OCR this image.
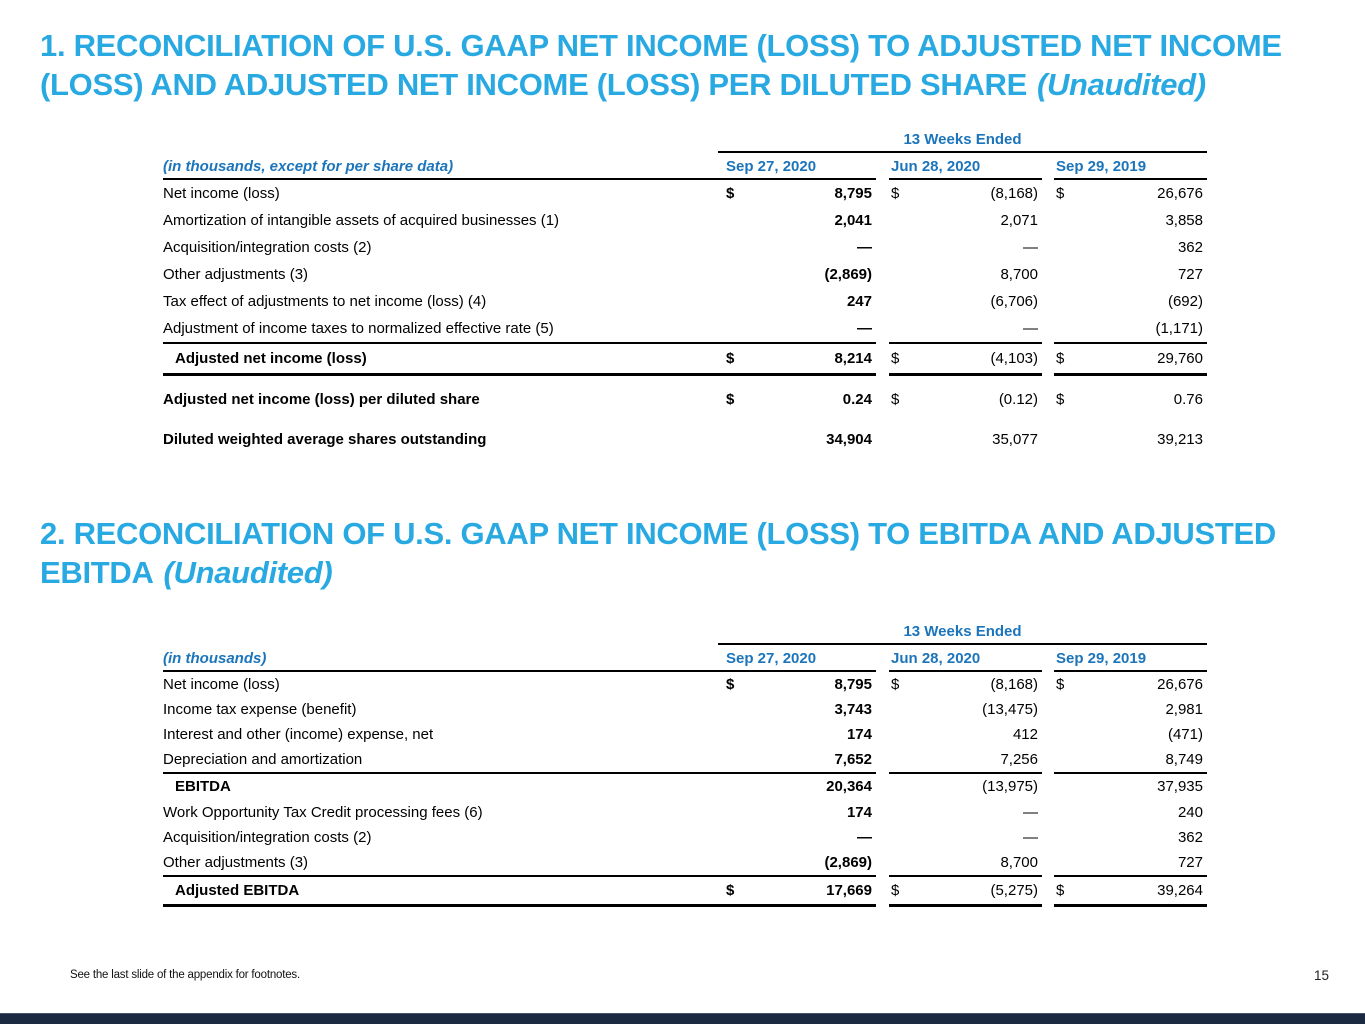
1. RECONCILIATION OF U.S. GAAP NET INCOME (LOSS) TO ADJUSTED NET INCOME (LOSS) AND ADJUSTED NET INCOME (LOSS) PER DILUTED SHARE (Unaudited)
13 Weeks Ended
(in thousands, except for per share data)	Sep 27, 2020	Jun 28, 2020	Sep 29, 2019
Net income (loss)	$	8,795 $	(8,168) $	26,676
Amortization of intangible assets of acquired businesses (1)	2,041	2,071	3,858
Acquisition/integration costs (2)	—	—	362
Other adjustments (3)	(2,869)	8,700	727
Tax effect of adjustments to net income (loss) (4)	247	(6,706)	(692)
Adjustment of income taxes to normalized effective rate (5)	—	—	(1,171)
Adjusted net income (loss)	$	8,214 $	(4,103) $	29,760
Adjusted net income (loss) per diluted share	$	0.24 $	(0.12) $	0.76
Diluted weighted average shares outstanding	34,904	35,077	39,213
2. RECONCILIATION OF U.S. GAAP NET INCOME (LOSS) TO EBITDA AND ADJUSTED EBITDA (Unaudited)
13 Weeks Ended
(in thousands)	Sep 27, 2020	Jun 28, 2020	Sep 29, 2019
Net income (loss)	$	8,795 $	(8,168) $	26,676
Income tax expense (benefit)	3,743	(13,475)	2,981
Interest and other (income) expense, net	174	412	(471)
Depreciation and amortization	7,652	7,256	8,749
EBITDA	20,364	(13,975)	37,935
Work Opportunity Tax Credit processing fees (6)	174	—	240
Acquisition/integration costs (2)	—	—	362
Other adjustments (3)	(2,869)	8,700	727
Adjusted EBITDA	$	17,669 $	(5,275) $	39,264
See the last slide of the appendix for footnotes.	15
